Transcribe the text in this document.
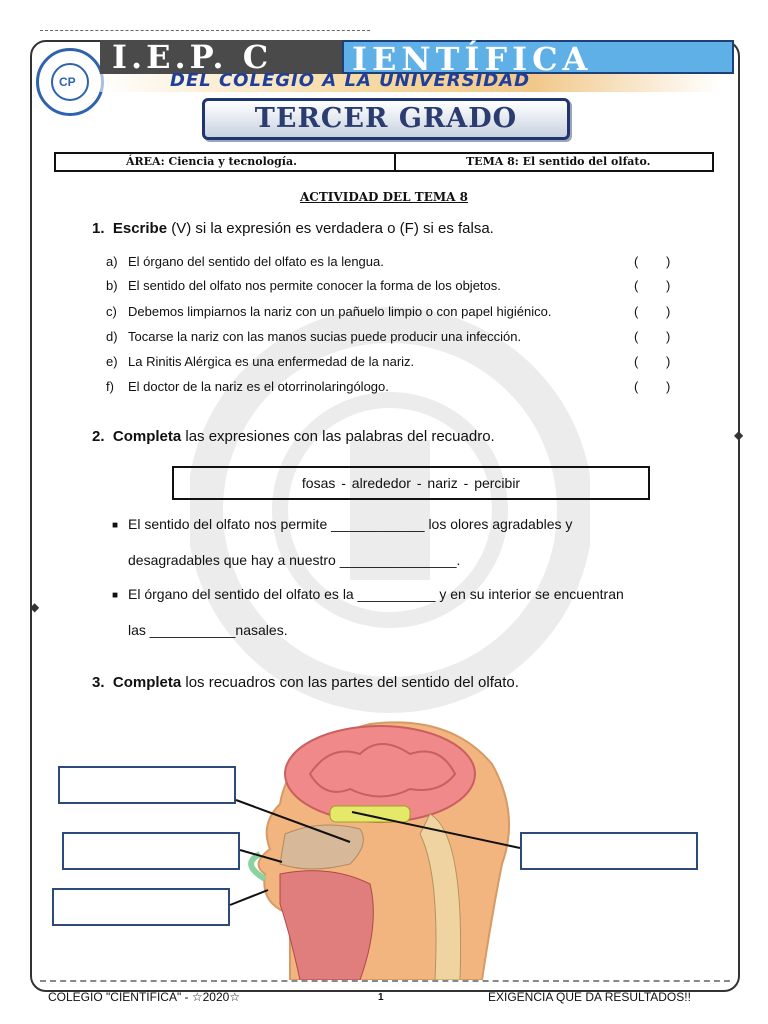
◆
◆
CP
I.E.P. C	IENTÍFICA
DEL COLEGIO A LA UNIVERSIDAD
TERCER GRADO
ÁREA: Ciencia y tecnología.	TEMA 8: El sentido del olfato.
ACTIVIDAD DEL TEMA 8
1. Escribe (V) si la expresión es verdadera o (F) si es falsa.
a) El órgano del sentido del olfato es la lengua.	( )
b) El sentido del olfato nos permite conocer la forma de los objetos.	( )
c) Debemos limpiarnos la nariz con un pañuelo limpio o con papel higiénico.	( )
d) Tocarse la nariz con las manos sucias puede producir una infección.	( )
e) La Rinitis Alérgica es una enfermedad de la nariz.	( )
f) El doctor de la nariz es el otorrinolaringólogo.	( )
2. Completa las expresiones con las palabras del recuadro.
fosas - alrededor - nariz - percibir
■ El sentido del olfato nos permite ____________ los olores agradables y
desagradables que hay a nuestro _______________.
■ El órgano del sentido del olfato es la __________ y en su interior se encuentran
las ___________nasales.
3. Completa los recuadros con las partes del sentido del olfato.
COLEGIO "CIENTÍFICA" - ☆2020☆	1	EXIGENCIA QUE DA RESULTADOS!!
